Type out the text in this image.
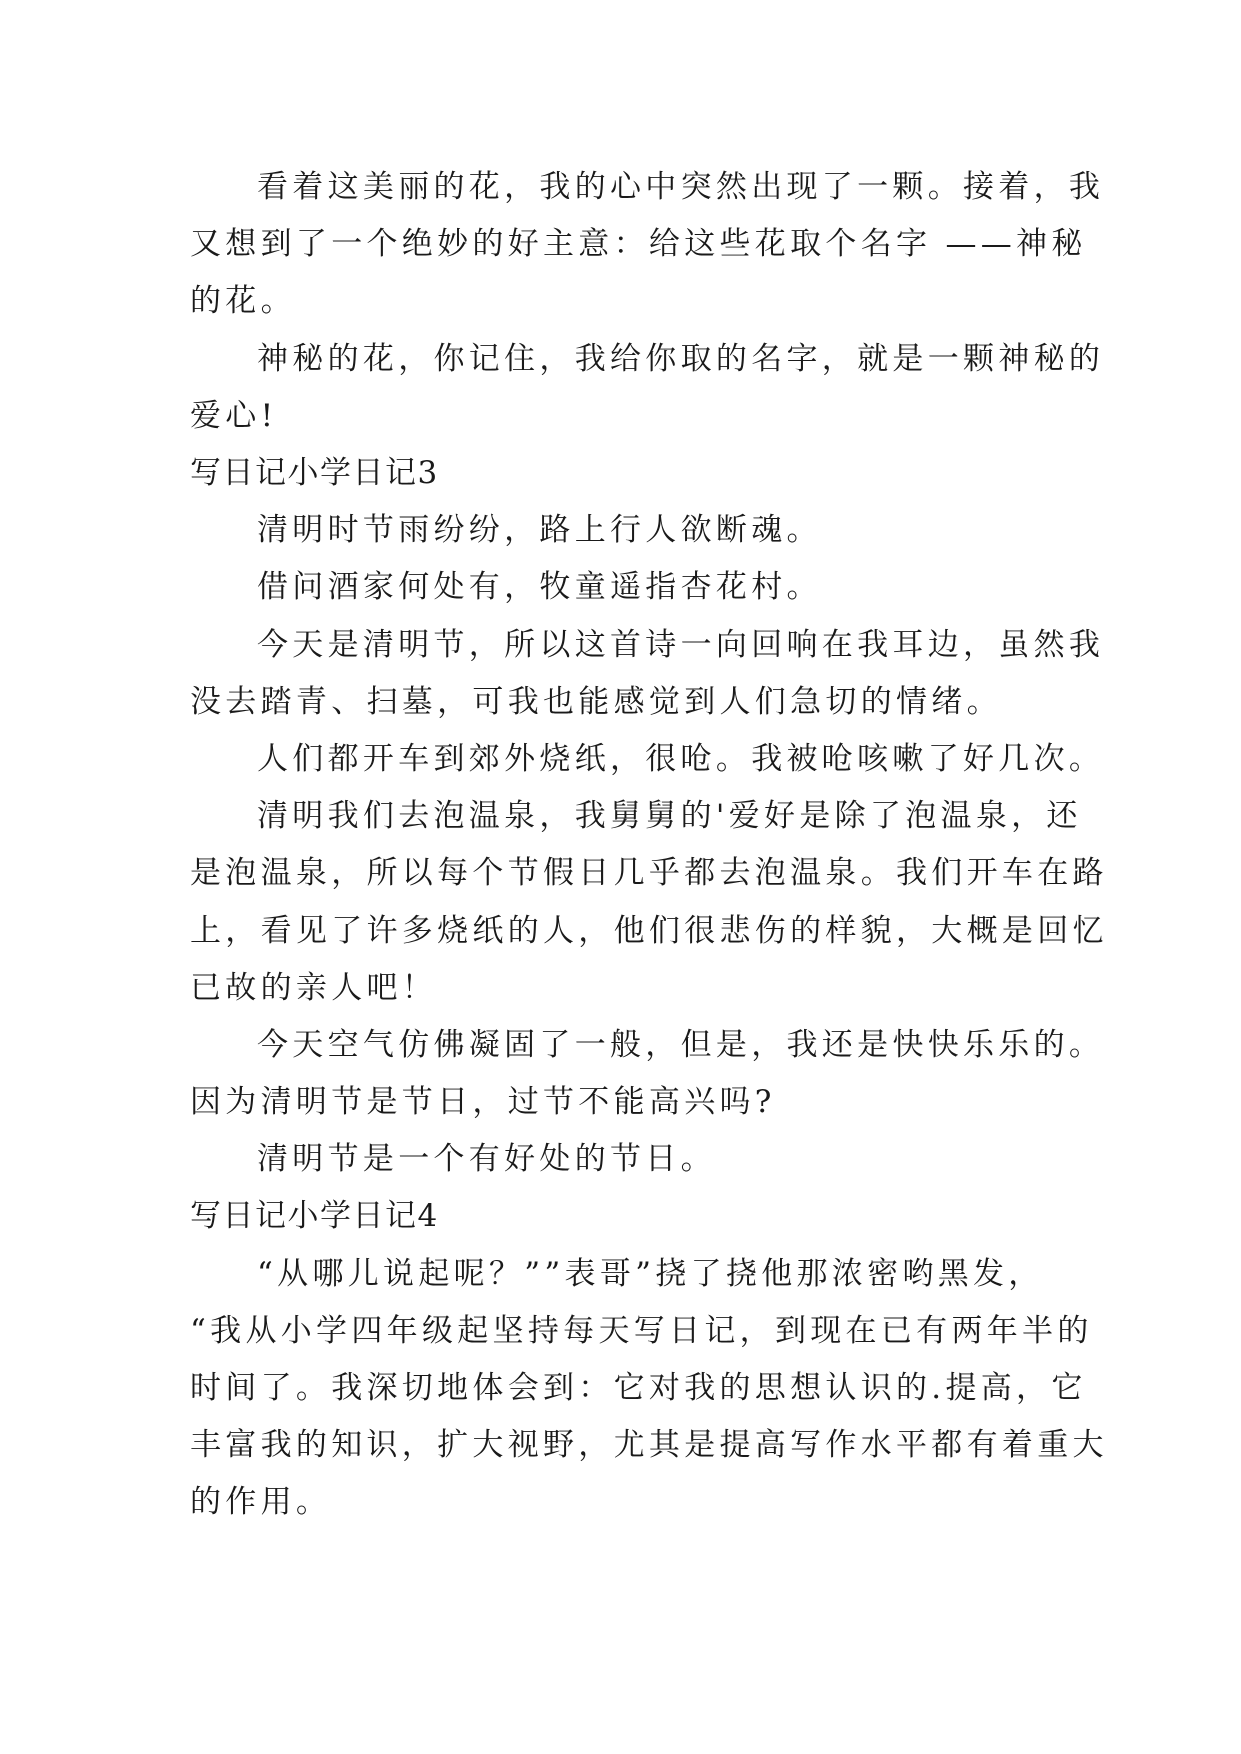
看着这美丽的花，我的心中突然出现了一颗。接着，我

又想到了一个绝妙的好主意：给这些花取个名字 ——神秘

的花。

神秘的花，你记住，我给你取的名字，就是一颗神秘的

爱心!

写日记小学日记3

清明时节雨纷纷，路上行人欲断魂。

借问酒家何处有，牧童遥指杏花村。

今天是清明节，所以这首诗一向回响在我耳边，虽然我

没去踏青、扫墓，可我也能感觉到人们急切的情绪。

人们都开车到郊外烧纸，很呛。我被呛咳嗽了好几次。

清明我们去泡温泉，我舅舅的'爱好是除了泡温泉，还

是泡温泉，所以每个节假日几乎都去泡温泉。我们开车在路

上，看见了许多烧纸的人，他们很悲伤的样貌，大概是回忆

已故的亲人吧！

今天空气仿佛凝固了一般，但是，我还是快快乐乐的。

因为清明节是节日，过节不能高兴吗?

清明节是一个有好处的节日。

写日记小学日记4

“从哪儿说起呢？””表哥”挠了挠他那浓密哟黑发，

“我从小学四年级起坚持每天写日记，到现在已有两年半的

时间了。我深切地体会到：它对我的思想认识的.提高，它

丰富我的知识，扩大视野，尤其是提高写作水平都有着重大

的作用。
